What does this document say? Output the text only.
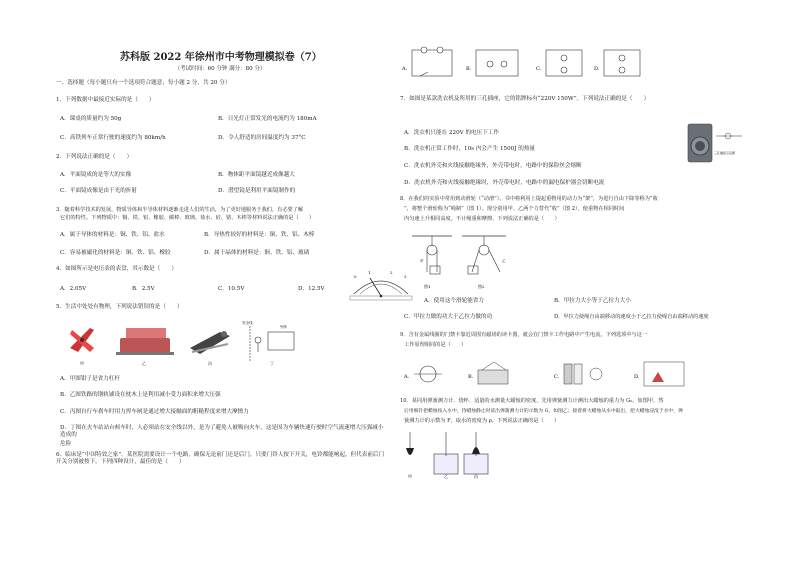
苏科版 2022 年徐州市中考物理模拟卷（7）
（考试时间：60 分钟 满分：80 分）
一、选择题（每小题只有一个选项符合题意；每小题 2 分，共 20 分）
1．下列数据中最接近实际的是（　　）
A．课桌的质量约为 50g	B．日光灯正常发光的电流约为 180mA
C．高铁列车正常行驶的速度约为 80km/h	D．令人舒适的房间温度约为 37°C
2．下列说法正确的是（　　）
A．平面镜成的是等大的实像	B．物体距平面镜越近成像越大
C．平面镜成像是由于光的折射	D．潜望镜是利用平面镜制作的
3．随着科学技术的发展，物质导体和半导体材料逐渐走进人们的生活，为了更好地服务于我们，有必要了解
它们的特性。下列物质中：铜、铁、铝、橡胶、碳棒、玻璃、盐水、硅、锗、木棒等材料说法正确的是（　　）
A．属于导体的材料是：铜、铁、铝、盐水	B．导热性较好的材料是：铜、铁、铝、木棒
C．容易被磁化的材料是：铜、铁、铝、橡胶	D．属于晶体的材料是：铜、铁、铝、玻璃
4．如图所示是电压表的表盘，其示数是（　　）
0
1	2
3
A．2.05V	B．2.5V	C．10.5V	D．12.5V
5．生活中处处有物理，下列说法错误的是（　　）
安全线
列车
甲	乙	丙	丁
A．甲图钳子是省力杠杆
B．乙图铁路的钢轨铺设在枕木上是利用减小受力面积来增大压强
C．丙图自行车刹车时用力捏车闸是通过增大接触面的粗糙程度来增大摩擦力
D．丁图在火车站站台候车时，人必须站在安全线以外，是为了避免人被吸向火车，这是因为车辆快速行驶时空气流速增大压强减小造成的
危险
6．临床是“中国特效之家”。某医院需要设计一个电路，确保无论前门还是后门，只要门铃人按下开关，电铃都能响起，但代表前后门开关分别被按下。下列四种设计，最佳的是（　　）
A.	B.	C.	D.
7．如图是某款洗衣机及所用的三孔插座，它的铭牌标有“220V 150W”。下列说法正确的是（　　）
三孔插座示意图
A．洗衣机只能在 220V 的电压下工作
B．洗衣机正常工作时，10s 内会产生 1500J 的热量
C．洗衣机外壳和火线接触绝缘外，外壳带电时，电路中的保险丝会熔断
D．洗衣机外壳和火线接触绝缘时，外壳带电时，电路中的漏电保护器会切断电流
8．在我们的实验中常用到动滑轮（“动滑”）。书中将利用上提起重物用的动力为“架”，为进行自由下降等称为“收
”，将整个滑轮称为“绳制”（图 1）。现分别用甲、乙两个力替代“收”（图 2），使重物在相同时间
内匀速上升相同高度。不计绳重和摩擦，下列说法正确的是（　　）
图1	图2
甲	乙
A．使用这个滑轮能省力	B．甲拉力大小等于乙拉力大小
C．甲拉力做的功大于乙拉力做的功	D．甲拉力使绳自由端移动的速度小于乙拉力使绳自由端移动的速度
9．含有金属线圈的门禁卡靠近周围有磁场的读卡器，就会在门禁卡工作电路中产生电流，下列选项中与这一
工作原理相同的是（　　）
A.	B.	C.	D.
10．某同用弹簧测力计、烧杯、适量的水测量大蜡烛的密度，先用弹簧测力计测出大蜡烛的重力为 G₀，如图甲，然
后用细针把蜡烛按入水中，待蜡烛静止时读出弹簧测力计的示数为 G，如图乙；接着将大蜡烛从水中取出，把大蜡烛浸没于水中，弹
簧测力计的示数为 F，取水的密度为 ρ。下列说法正确的是（　　）
甲	乙	丙
